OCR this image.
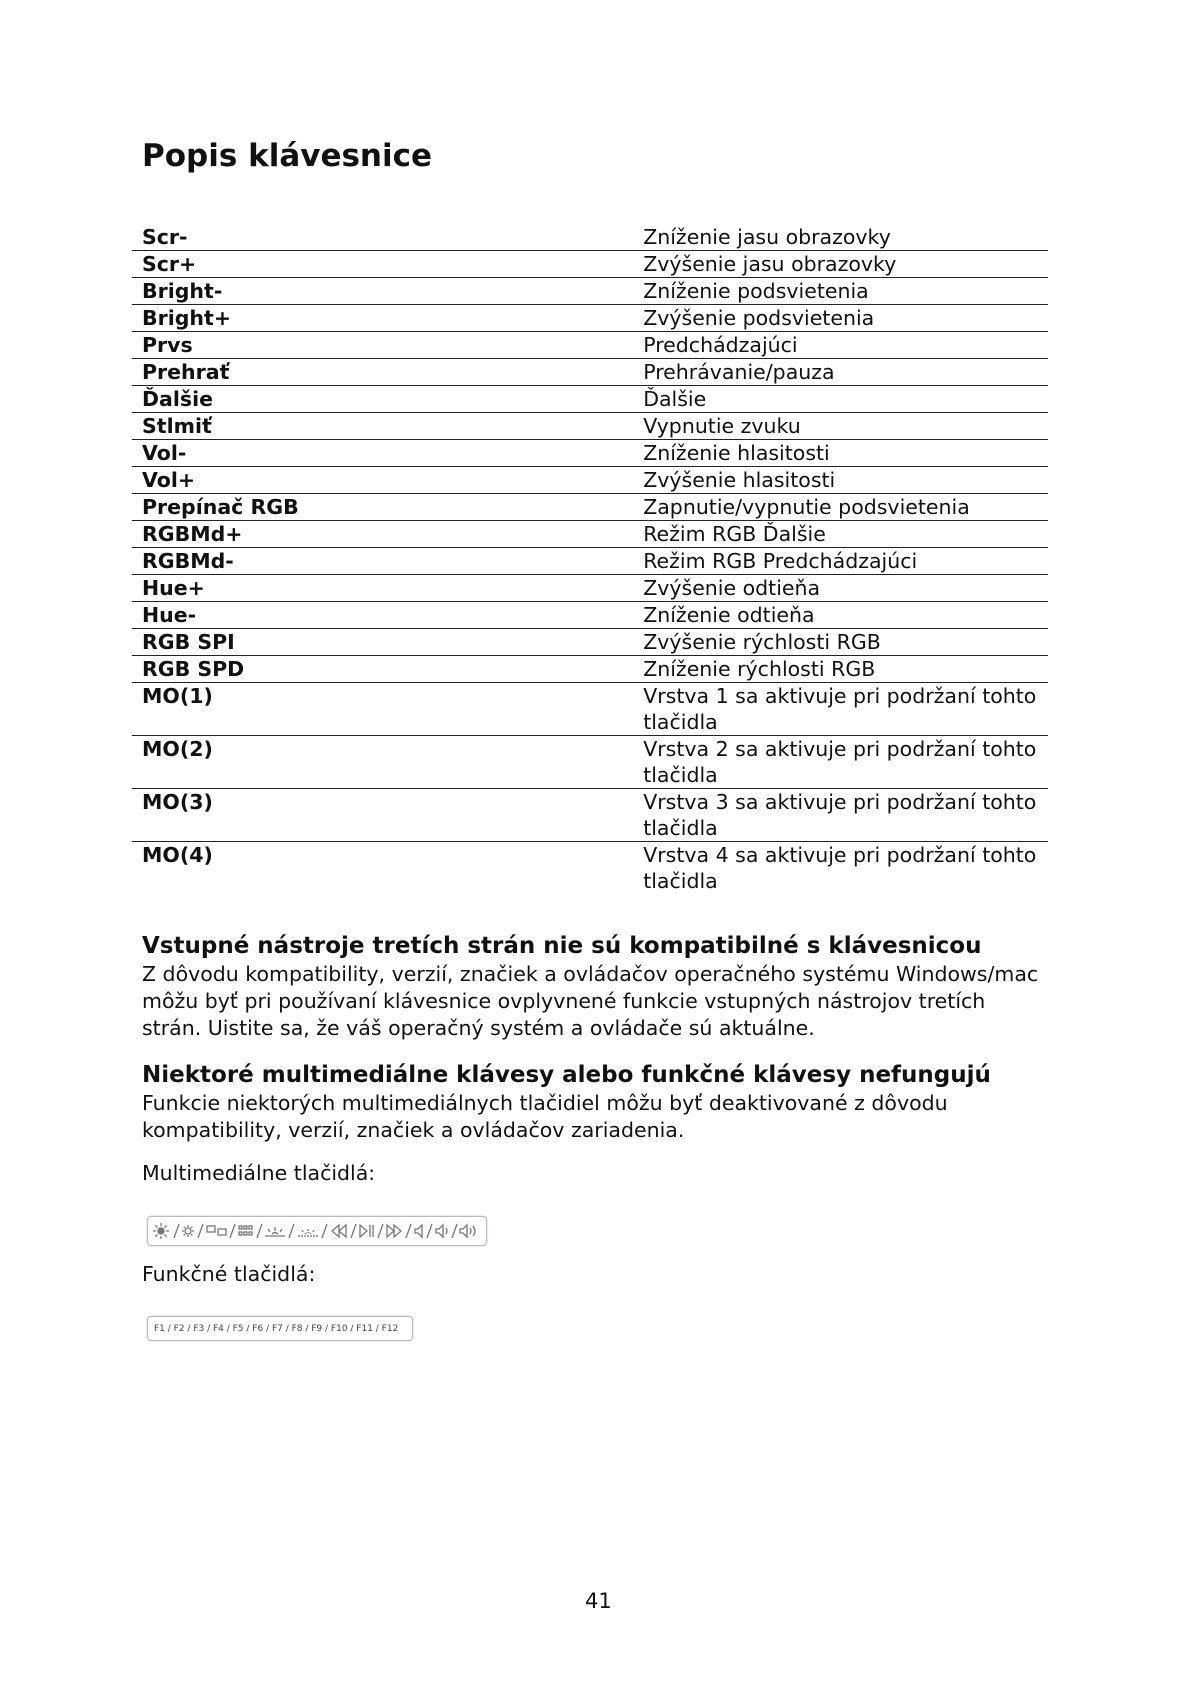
Popis klávesnice
Scr-	Zníženie jasu obrazovky
Scr+	Zvýšenie jasu obrazovky
Bright-	Zníženie podsvietenia
Bright+	Zvýšenie podsvietenia
Prvs	Predchádzajúci
Prehrať	Prehrávanie/pauza
Ďalšie	Ďalšie
Stlmiť	Vypnutie zvuku
Vol-	Zníženie hlasitosti
Vol+	Zvýšenie hlasitosti
Prepínač RGB	Zapnutie/vypnutie podsvietenia
RGBMd+	Režim RGB Ďalšie
RGBMd-	Režim RGB Predchádzajúci
Hue+	Zvýšenie odtieňa
Hue-	Zníženie odtieňa
RGB SPI	Zvýšenie rýchlosti RGB
RGB SPD	Zníženie rýchlosti RGB
MO(1)	Vrstva 1 sa aktivuje pri podržaní tohto tlačidla
MO(2)	Vrstva 2 sa aktivuje pri podržaní tohto tlačidla
MO(3)	Vrstva 3 sa aktivuje pri podržaní tohto tlačidla
MO(4)	Vrstva 4 sa aktivuje pri podržaní tohto tlačidla
Vstupné nástroje tretích strán nie sú kompatibilné s klávesnicou

Z dôvodu kompatibility, verzií, značiek a ovládačov operačného systému Windows/mac môžu byť pri používaní klávesnice ovplyvnené funkcie vstupných nástrojov tretích strán. Uistite sa, že váš operačný systém a ovládače sú aktuálne.

Niektoré multimediálne klávesy alebo funkčné klávesy nefungujú

Funkcie niektorých multimediálnych tlačidiel môžu byť deaktivované z dôvodu kompatibility, verzií, značiek a ovládačov zariadenia.

Multimediálne tlačidlá:
Funkčné tlačidlá:
F1 / F2 / F3 / F4 / F5 / F6 / F7 / F8 / F9 / F10 / F11 / F12
41
